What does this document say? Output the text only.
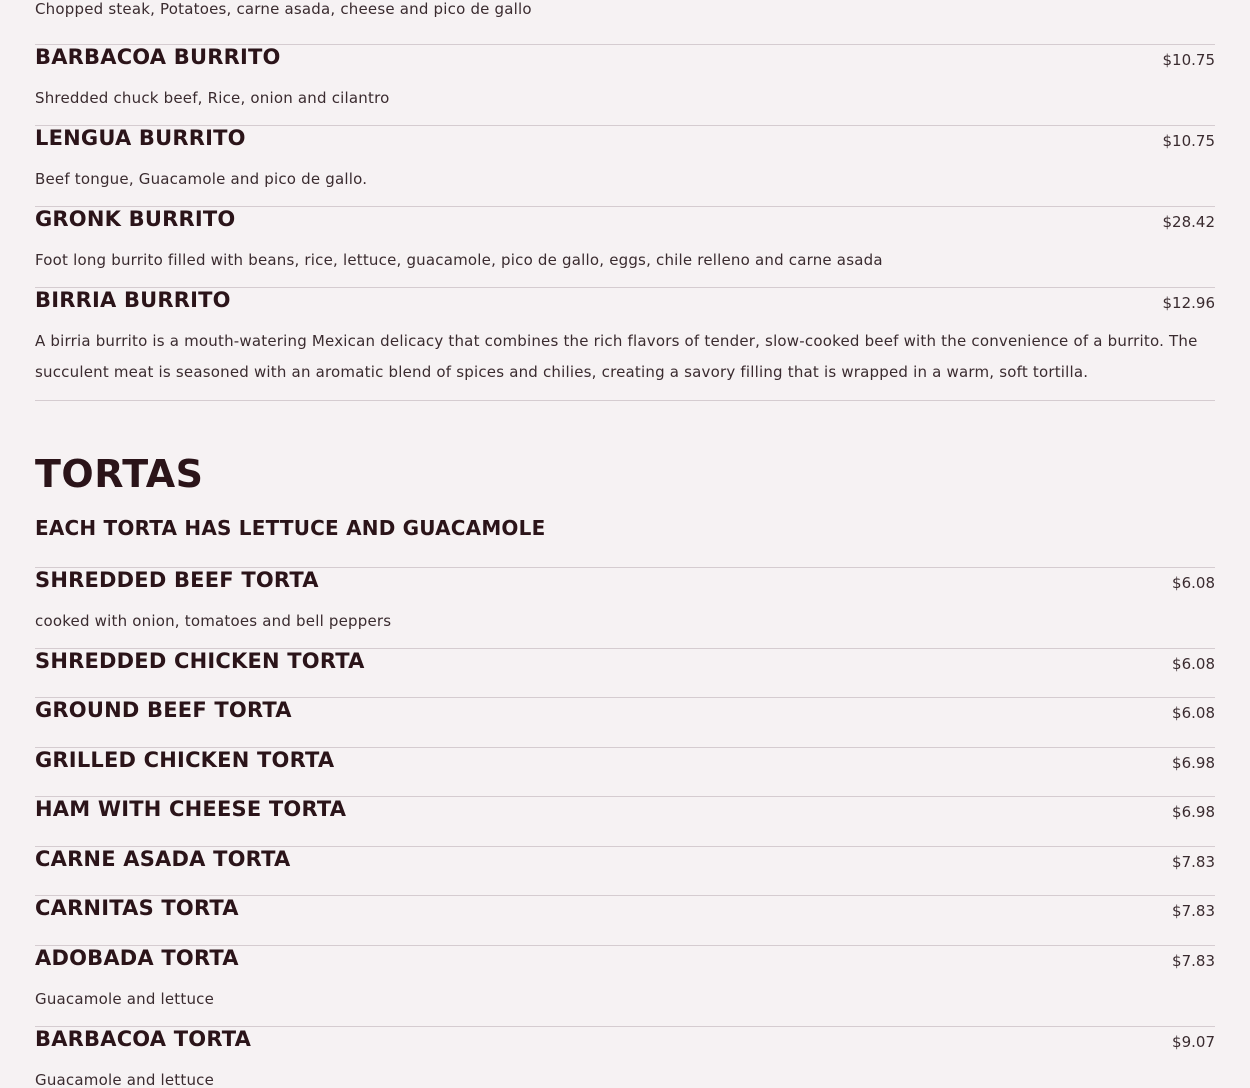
Chopped steak, Potatoes, carne asada, cheese and pico de gallo
BARBACOA BURRITO	$10.75
Shredded chuck beef, Rice, onion and cilantro
LENGUA BURRITO	$10.75
Beef tongue, Guacamole and pico de gallo.
GRONK BURRITO	$28.42
Foot long burrito filled with beans, rice, lettuce, guacamole, pico de gallo, eggs, chile relleno and carne asada
BIRRIA BURRITO	$12.96
A birria burrito is a mouth-watering Mexican delicacy that combines the rich flavors of tender, slow-cooked beef with the convenience of a burrito. The succulent meat is seasoned with an aromatic blend of spices and chilies, creating a savory filling that is wrapped in a warm, soft tortilla.
TORTAS
EACH TORTA HAS LETTUCE AND GUACAMOLE
SHREDDED BEEF TORTA	$6.08
cooked with onion, tomatoes and bell peppers
SHREDDED CHICKEN TORTA	$6.08
GROUND BEEF TORTA	$6.08
GRILLED CHICKEN TORTA	$6.98
HAM WITH CHEESE TORTA	$6.98
CARNE ASADA TORTA	$7.83
CARNITAS TORTA	$7.83
ADOBADA TORTA	$7.83
Guacamole and lettuce
BARBACOA TORTA	$9.07
Guacamole and lettuce
